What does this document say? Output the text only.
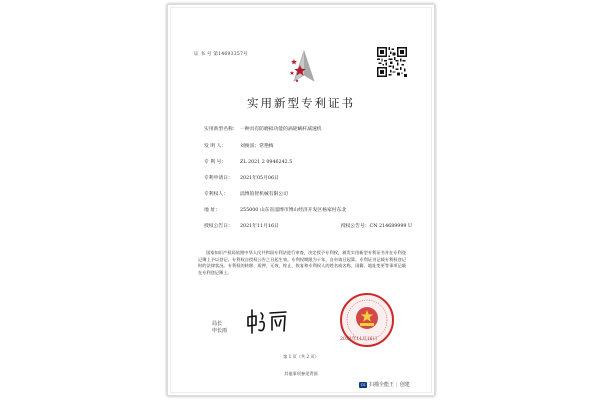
证 书 号 第14693357号
实用新型专利证书
实用新型名称： 一种具有防磨损功能的涡轮蜗杆减速机
发 明 人：	刘俊富；常艳梅
专 利 号：	ZL 2021 2 0946242.5
专利申请日： 2021年05月06日
专利权人：	淄博铂智机械有限公司
地 址：	255000 山东省淄博市博山经济开发区杨家村东北
授权公告日： 2021年11月16日	授权公告号：CN 214689999 U
国家知识产权局依照中华人民共和国专利法进行审查，决定授予专利权，颁发实用新型专利证书并在专利登记簿上予以登记。专利权自授权公告之日起生效。专利权期限为十年，自申请日起算。专利证书记载专利权登记时的法律状况。专利权的转移、质押、无效、终止、恢复和专利权人的姓名或名称、国籍、地址变更等事项记载在专利登记簿上。
局长
申长雨
2021年11月16日
第 1 页（共 2 页）
其他事项参见背面
CS 扫描全能王 | 创建
